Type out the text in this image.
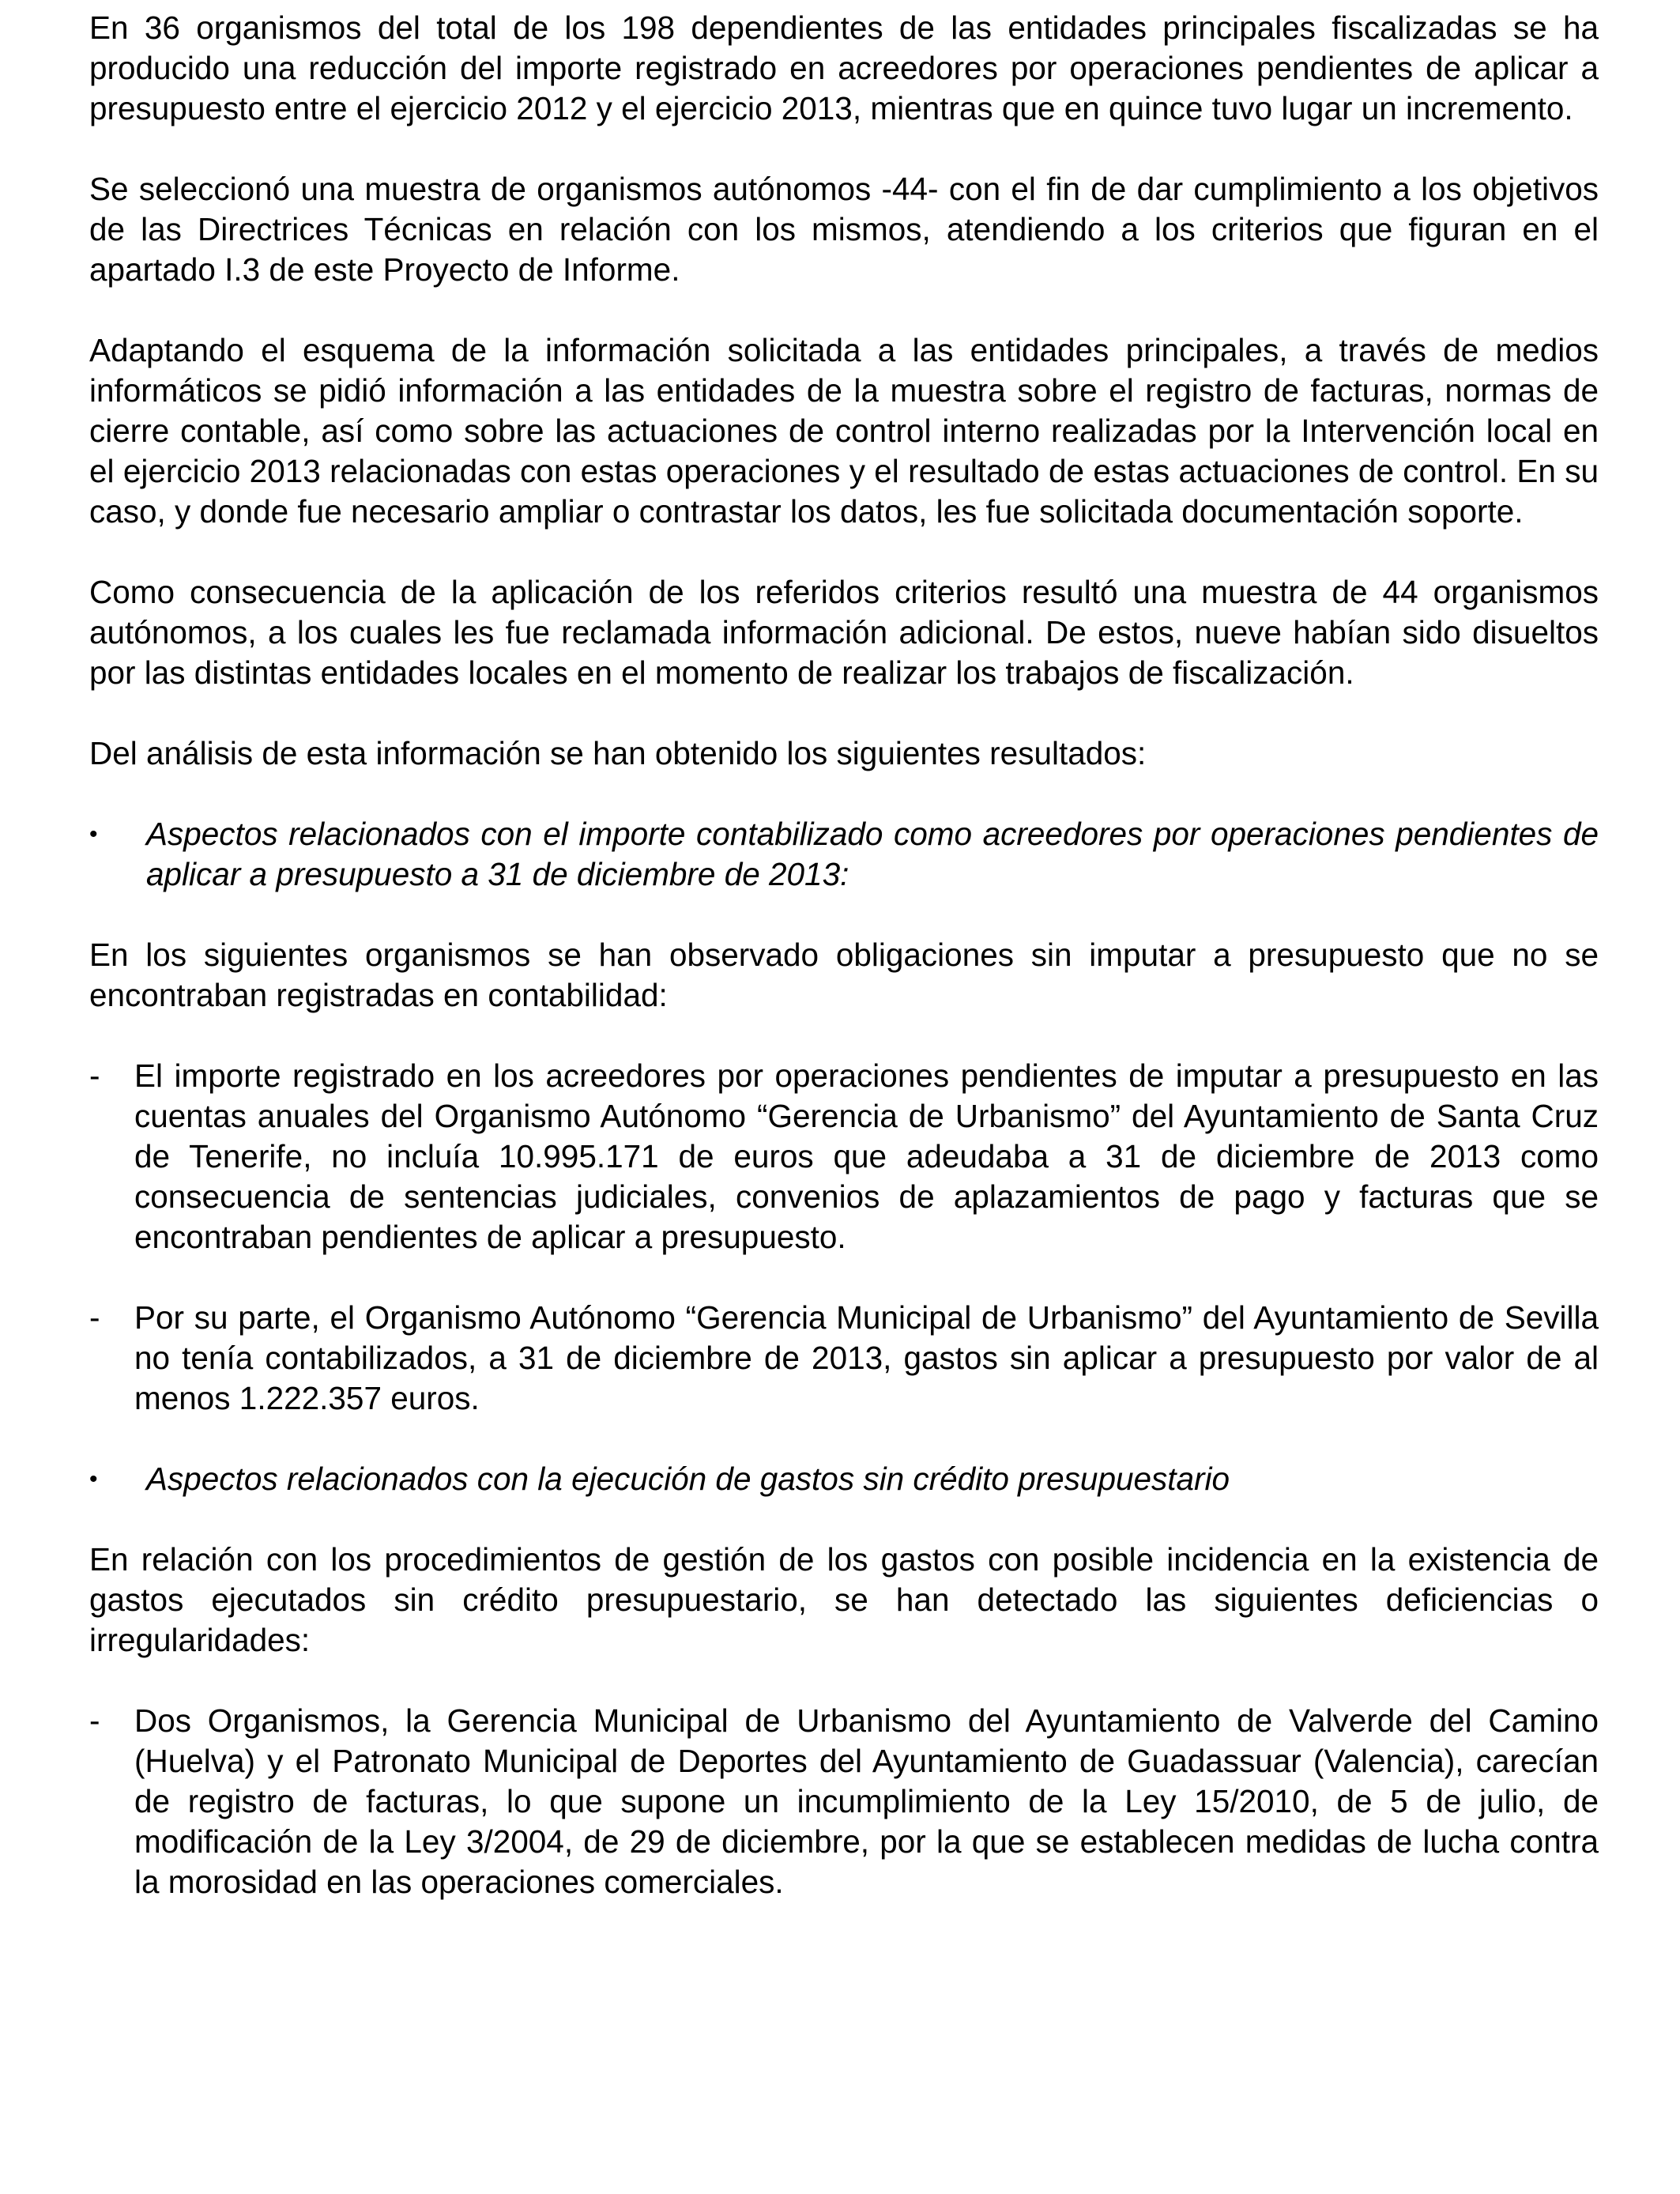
En 36 organismos del total de los 198 dependientes de las entidades principales fiscalizadas se ha producido una reducción del importe registrado en acreedores por operaciones pendientes de aplicar a presupuesto entre el ejercicio 2012 y el ejercicio 2013, mientras que en quince tuvo lugar un incremento.

Se seleccionó una muestra de organismos autónomos -44- con el fin de dar cumplimiento a los objetivos de las Directrices Técnicas en relación con los mismos, atendiendo a los criterios que figuran en el apartado I.3 de este Proyecto de Informe.

Adaptando el esquema de la información solicitada a las entidades principales, a través de medios informáticos se pidió información a las entidades de la muestra sobre el registro de facturas, normas de cierre contable, así como sobre las actuaciones de control interno realizadas por la Intervención local en el ejercicio 2013 relacionadas con estas operaciones y el resultado de estas actuaciones de control. En su caso, y donde fue necesario ampliar o contrastar los datos, les fue solicitada documentación soporte.

Como consecuencia de la aplicación de los referidos criterios resultó una muestra de 44 organismos autónomos, a los cuales les fue reclamada información adicional. De estos, nueve habían sido disueltos por las distintas entidades locales en el momento de realizar los trabajos de fiscalización.

Del análisis de esta información se han obtenido los siguientes resultados:

• Aspectos relacionados con el importe contabilizado como acreedores por operaciones pendientes de aplicar a presupuesto a 31 de diciembre de 2013:

En los siguientes organismos se han observado obligaciones sin imputar a presupuesto que no se encontraban registradas en contabilidad:

- El importe registrado en los acreedores por operaciones pendientes de imputar a presupuesto en las cuentas anuales del Organismo Autónomo “Gerencia de Urbanismo” del Ayuntamiento de Santa Cruz de Tenerife, no incluía 10.995.171 de euros que adeudaba a 31 de diciembre de 2013 como consecuencia de sentencias judiciales, convenios de aplazamientos de pago y facturas que se encontraban pendientes de aplicar a presupuesto.
- Por su parte, el Organismo Autónomo “Gerencia Municipal de Urbanismo” del Ayuntamiento de Sevilla no tenía contabilizados, a 31 de diciembre de 2013, gastos sin aplicar a presupuesto por valor de al menos 1.222.357 euros.
• Aspectos relacionados con la ejecución de gastos sin crédito presupuestario

En relación con los procedimientos de gestión de los gastos con posible incidencia en la existencia de gastos ejecutados sin crédito presupuestario, se han detectado las siguientes deficiencias o irregularidades:

- Dos Organismos, la Gerencia Municipal de Urbanismo del Ayuntamiento de Valverde del Camino (Huelva) y el Patronato Municipal de Deportes del Ayuntamiento de Guadassuar (Valencia), carecían de registro de facturas, lo que supone un incumplimiento de la Ley 15/2010, de 5 de julio, de modificación de la Ley 3/2004, de 29 de diciembre, por la que se establecen medidas de lucha contra la morosidad en las operaciones comerciales.
